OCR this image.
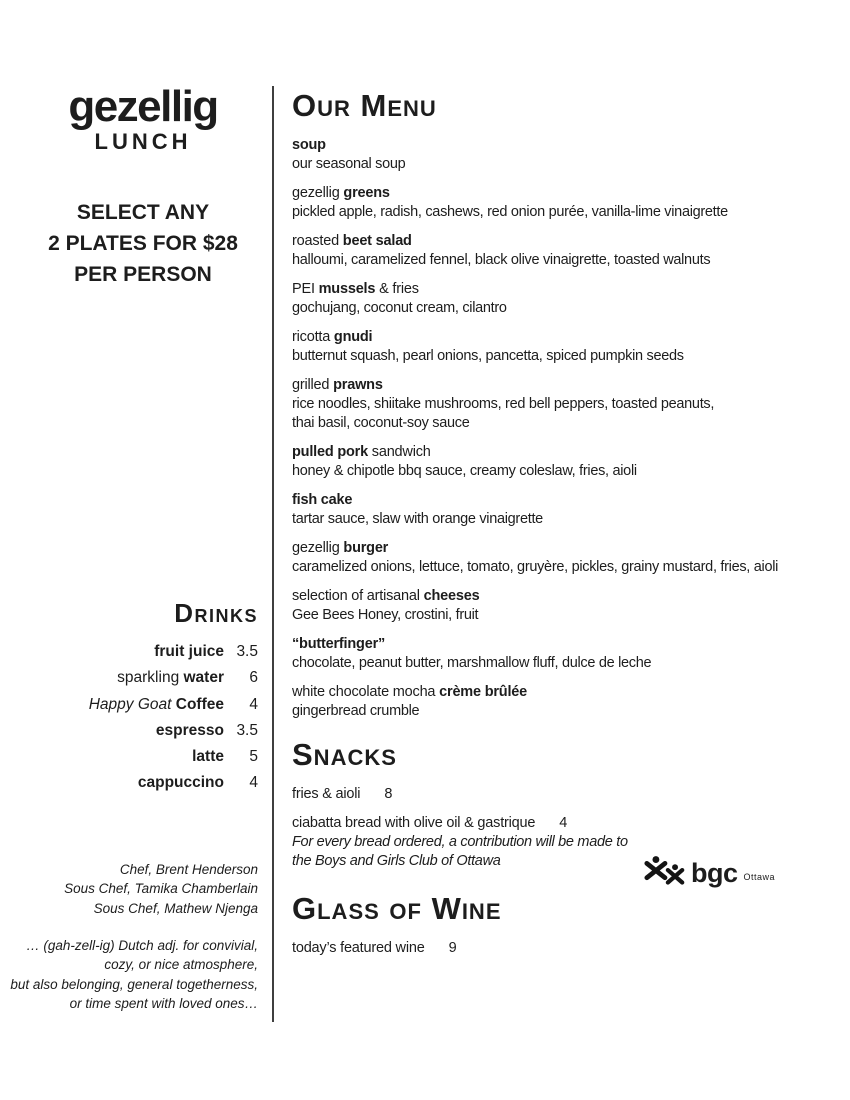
gezellig
LUNCH
SELECT ANY
2 PLATES FOR $28
PER PERSON
Drinks
fruit juice 3.5
sparkling water	6
Happy Goat Coffee	4
espresso 3.5
latte	5
cappuccino	4
Chef, Brent Henderson
Sous Chef, Tamika Chamberlain
Sous Chef, Mathew Njenga
… (gah-zell-ig) Dutch adj. for convivial,
cozy, or nice atmosphere,
but also belonging, general togetherness,
or time spent with loved ones…
Our Menu
soup
our seasonal soup
gezellig greens
pickled apple, radish, cashews, red onion purée, vanilla-lime vinaigrette
roasted beet salad
halloumi, caramelized fennel, black olive vinaigrette, toasted walnuts
PEI mussels & fries
gochujang, coconut cream, cilantro
ricotta gnudi
butternut squash, pearl onions, pancetta, spiced pumpkin seeds
grilled prawns
rice noodles, shiitake mushrooms, red bell peppers, toasted peanuts,
thai basil, coconut-soy sauce
pulled pork sandwich
honey & chipotle bbq sauce, creamy coleslaw, fries, aioli
fish cake
tartar sauce, slaw with orange vinaigrette
gezellig burger
caramelized onions, lettuce, tomato, gruyère, pickles, grainy mustard, fries, aioli
selection of artisanal cheeses
Gee Bees Honey, crostini, fruit
“butterfinger”
chocolate, peanut butter, marshmallow fluff, dulce de leche
white chocolate mocha crème brûlée
gingerbread crumble
Snacks
fries & aioli 8
ciabatta bread with olive oil & gastrique 4
For every bread ordered, a contribution will be made to
the Boys and Girls Club of Ottawa
Glass of Wine
today’s featured wine 9
bgc Ottawa
